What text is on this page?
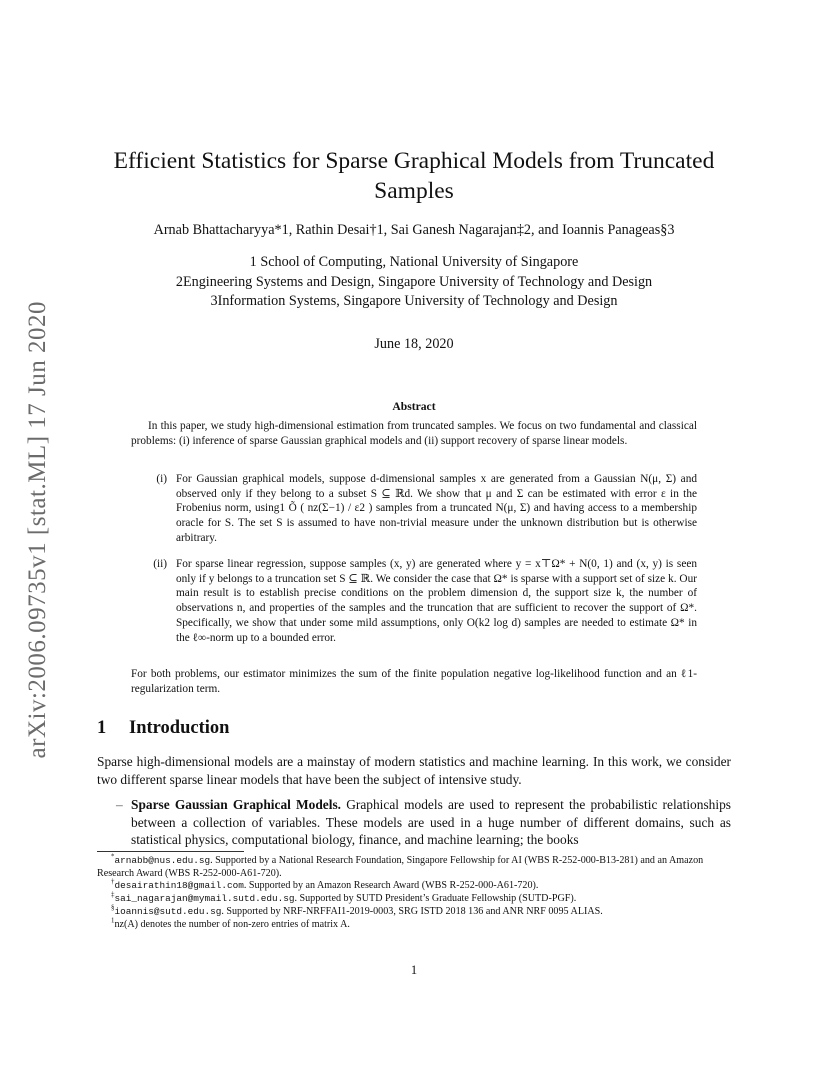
arXiv:2006.09735v1 [stat.ML] 17 Jun 2020
Efficient Statistics for Sparse Graphical Models from Truncated
Samples
Arnab Bhattacharyya*1, Rathin Desai†1, Sai Ganesh Nagarajan‡2, and Ioannis Panageas§3
1 School of Computing, National University of Singapore
2Engineering Systems and Design, Singapore University of Technology and Design
3Information Systems, Singapore University of Technology and Design
June 18, 2020
Abstract
In this paper, we study high-dimensional estimation from truncated samples. We focus on two fundamental and classical problems: (i) inference of sparse Gaussian graphical models and (ii) support recovery of sparse linear models.
(i) For Gaussian graphical models, suppose d-dimensional samples x are generated from a Gaussian N(μ, Σ) and observed only if they belong to a subset S ⊆ ℝd. We show that μ and Σ can be estimated with error ε in the Frobenius norm, using1 Õ ( nz(Σ−1) / ε2 ) samples from a truncated N(μ, Σ) and having access to a membership oracle for S. The set S is assumed to have non-trivial measure under the unknown distribution but is otherwise arbitrary.
(ii) For sparse linear regression, suppose samples (x, y) are generated where y = x⊤Ω* + N(0, 1) and (x, y) is seen only if y belongs to a truncation set S ⊆ ℝ. We consider the case that Ω* is sparse with a support set of size k. Our main result is to establish precise conditions on the problem dimension d, the support size k, the number of observations n, and properties of the samples and the truncation that are sufficient to recover the support of Ω*. Specifically, we show that under some mild assumptions, only O(k2 log d) samples are needed to estimate Ω* in the ℓ∞-norm up to a bounded error.
For both problems, our estimator minimizes the sum of the finite population negative log-likelihood function and an ℓ1-regularization term.
1 Introduction
Sparse high-dimensional models are a mainstay of modern statistics and machine learning. In this work, we consider two different sparse linear models that have been the subject of intensive study.
– Sparse Gaussian Graphical Models. Graphical models are used to represent the probabilistic relationships between a collection of variables. These models are used in a huge number of different domains, such as statistical physics, computational biology, finance, and machine learning; the books
*arnabb@nus.edu.sg. Supported by a National Research Foundation, Singapore Fellowship for AI (WBS R-252-000-B13-281) and an Amazon Research Award (WBS R-252-000-A61-720).
†desairathin18@gmail.com. Supported by an Amazon Research Award (WBS R-252-000-A61-720).
‡sai_nagarajan@mymail.sutd.edu.sg. Supported by SUTD President’s Graduate Fellowship (SUTD-PGF).
§ioannis@sutd.edu.sg. Supported by NRF-NRFFAI1-2019-0003, SRG ISTD 2018 136 and ANR NRF 0095 ALIAS.
$^1$nz(A) denotes the number of non-zero entries of matrix A.
1
